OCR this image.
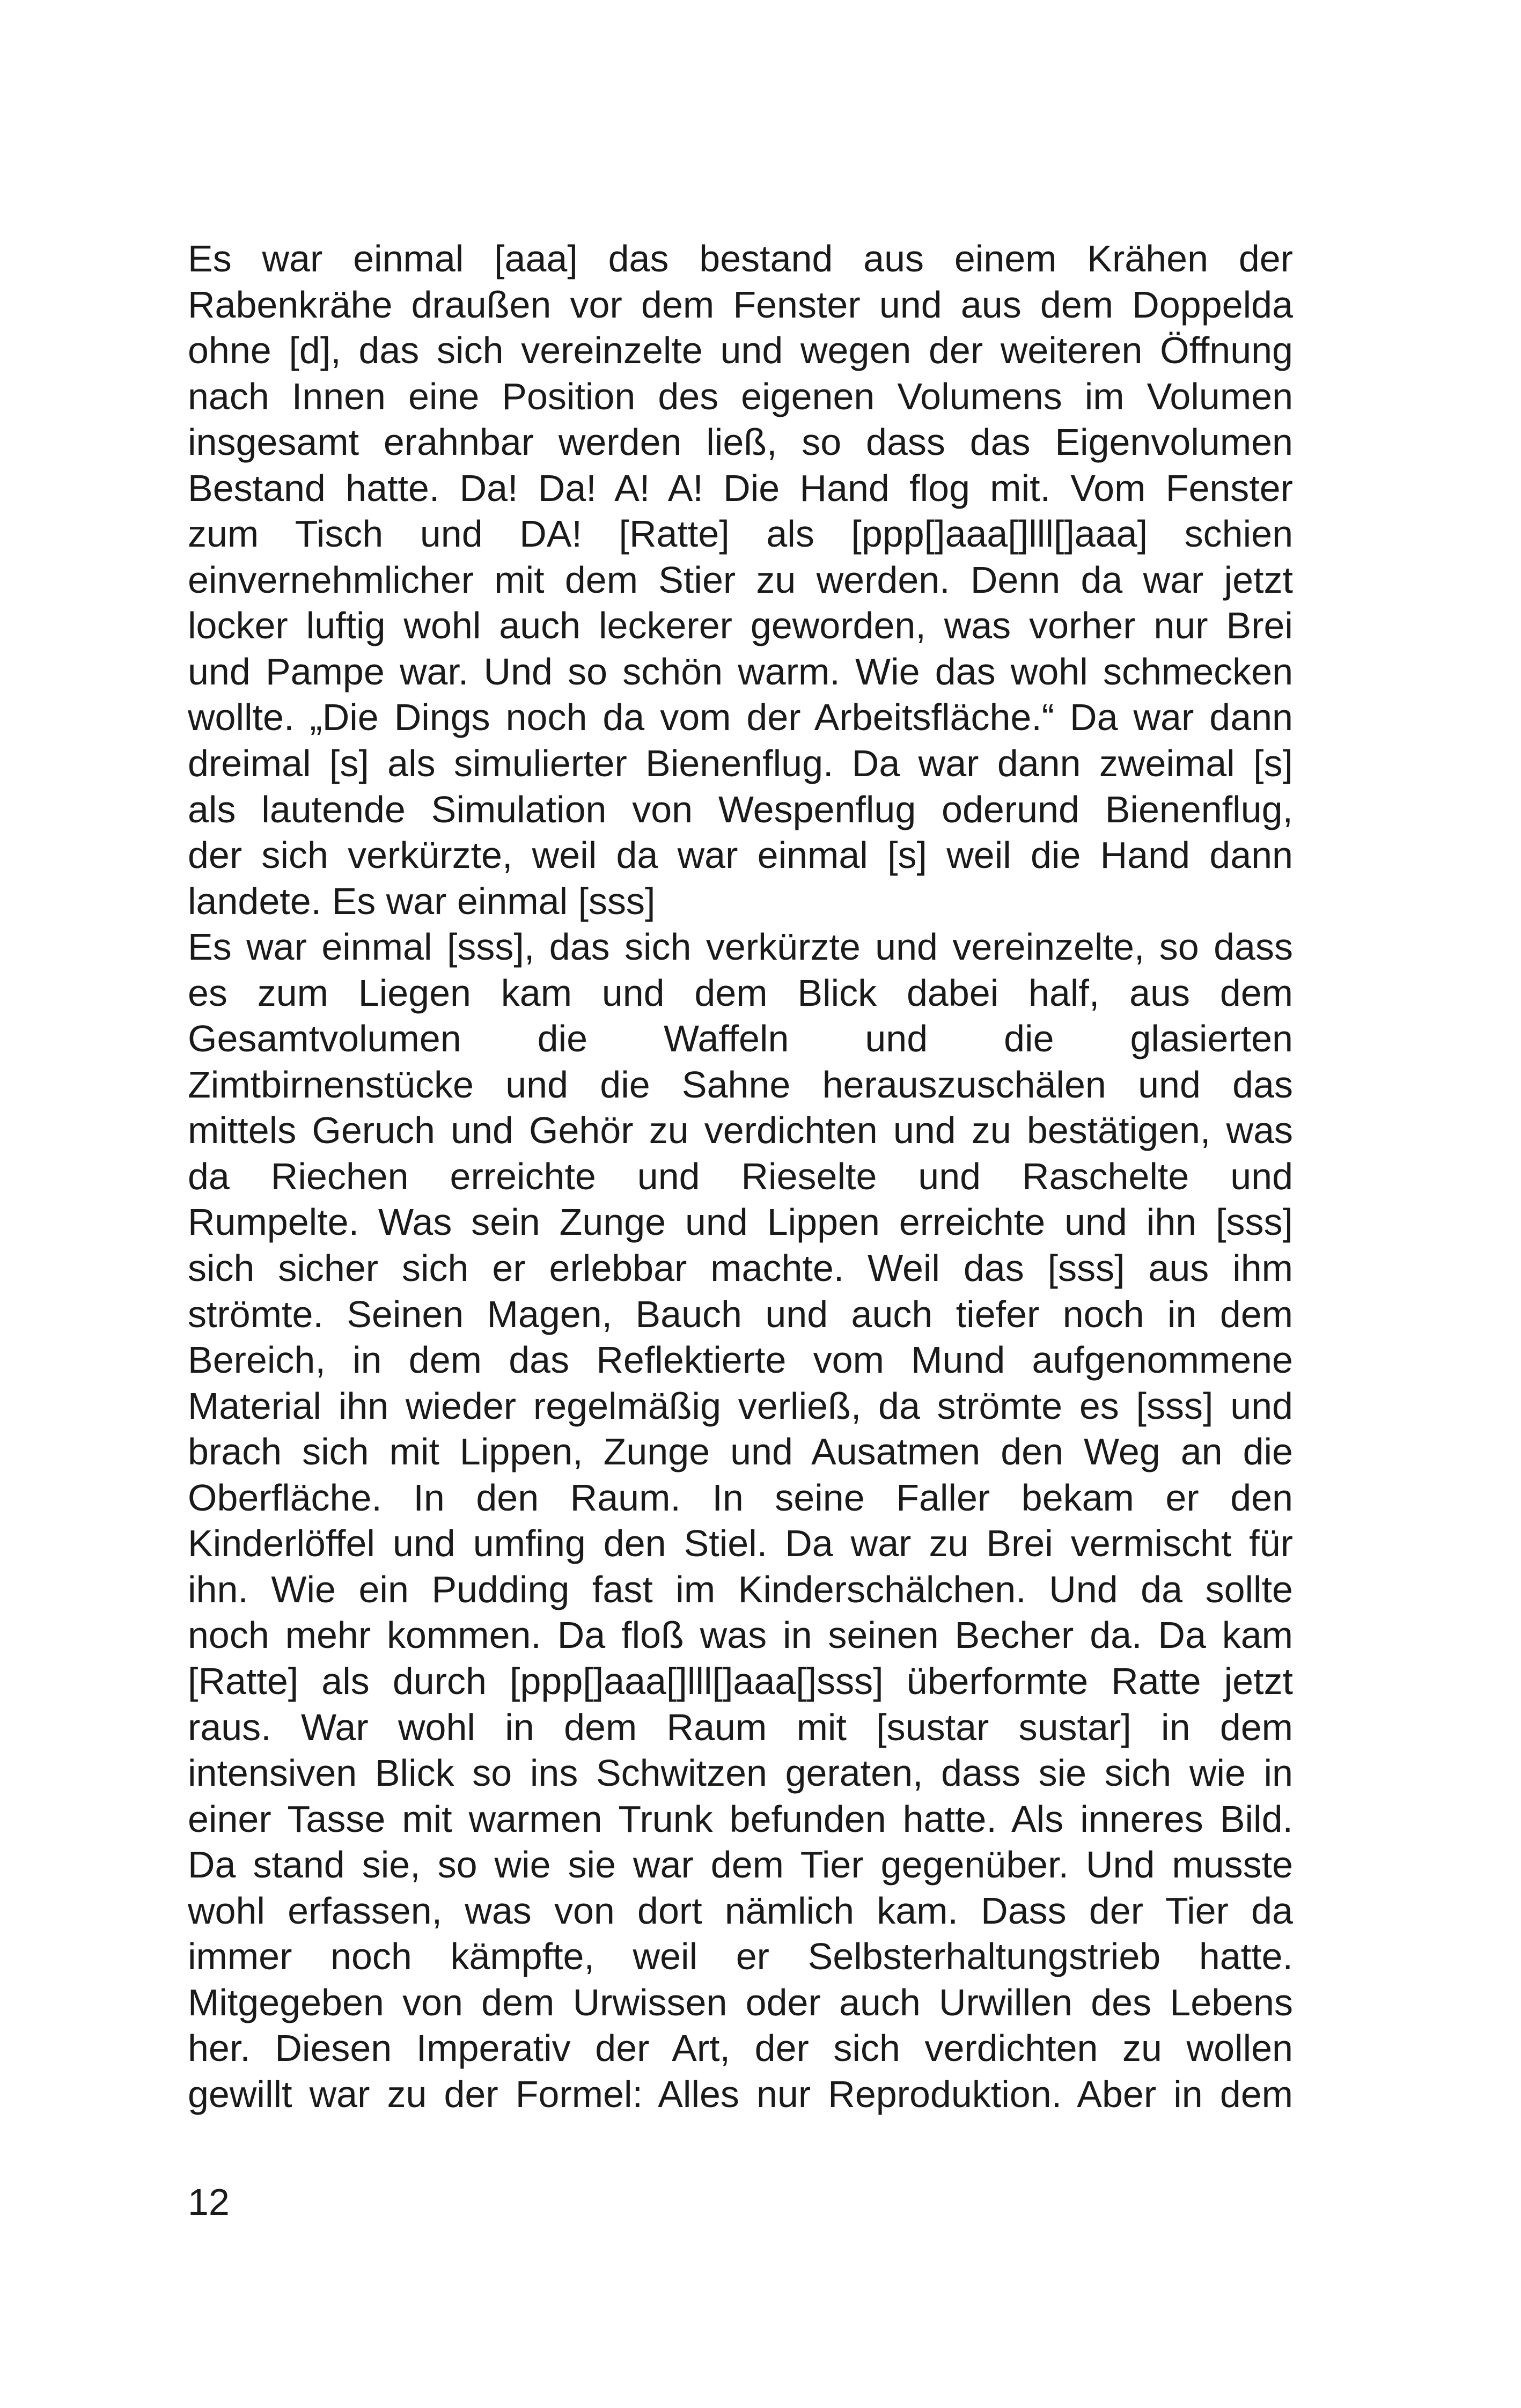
Es war einmal [aaa] das bestand aus einem Krähen der
Rabenkrähe draußen vor dem Fenster und aus dem Doppelda
ohne [d], das sich vereinzelte und wegen der weiteren Öffnung
nach Innen eine Position des eigenen Volumens im Volumen
insgesamt erahnbar werden ließ, so dass das Eigenvolumen
Bestand hatte. Da! Da! A! A! Die Hand flog mit. Vom Fenster
zum Tisch und DA! [Ratte] als [ppp[]aaa[]lll[]aaa] schien
einvernehmlicher mit dem Stier zu werden. Denn da war jetzt
locker luftig wohl auch leckerer geworden, was vorher nur Brei
und Pampe war. Und so schön warm. Wie das wohl schmecken
wollte. „Die Dings noch da vom der Arbeitsfläche.“ Da war dann
dreimal [s] als simulierter Bienenflug. Da war dann zweimal [s]
als lautende Simulation von Wespenflug oderund Bienenflug,
der sich verkürzte, weil da war einmal [s] weil die Hand dann
landete. Es war einmal [sss]
Es war einmal [sss], das sich verkürzte und vereinzelte, so dass
es zum Liegen kam und dem Blick dabei half, aus dem
Gesamtvolumen die Waffeln und die glasierten
Zimtbirnenstücke und die Sahne herauszuschälen und das
mittels Geruch und Gehör zu verdichten und zu bestätigen, was
da Riechen erreichte und Rieselte und Raschelte und
Rumpelte. Was sein Zunge und Lippen erreichte und ihn [sss]
sich sicher sich er erlebbar machte. Weil das [sss] aus ihm
strömte. Seinen Magen, Bauch und auch tiefer noch in dem
Bereich, in dem das Reflektierte vom Mund aufgenommene
Material ihn wieder regelmäßig verließ, da strömte es [sss] und
brach sich mit Lippen, Zunge und Ausatmen den Weg an die
Oberfläche. In den Raum. In seine Faller bekam er den
Kinderlöffel und umfing den Stiel. Da war zu Brei vermischt für
ihn. Wie ein Pudding fast im Kinderschälchen. Und da sollte
noch mehr kommen. Da floß was in seinen Becher da. Da kam
[Ratte] als durch [ppp[]aaa[]lll[]aaa[]sss] überformte Ratte jetzt
raus. War wohl in dem Raum mit [sustar sustar] in dem
intensiven Blick so ins Schwitzen geraten, dass sie sich wie in
einer Tasse mit warmen Trunk befunden hatte. Als inneres Bild.
Da stand sie, so wie sie war dem Tier gegenüber. Und musste
wohl erfassen, was von dort nämlich kam. Dass der Tier da
immer noch kämpfte, weil er Selbsterhaltungstrieb hatte.
Mitgegeben von dem Urwissen oder auch Urwillen des Lebens
her. Diesen Imperativ der Art, der sich verdichten zu wollen
gewillt war zu der Formel: Alles nur Reproduktion. Aber in dem
12
